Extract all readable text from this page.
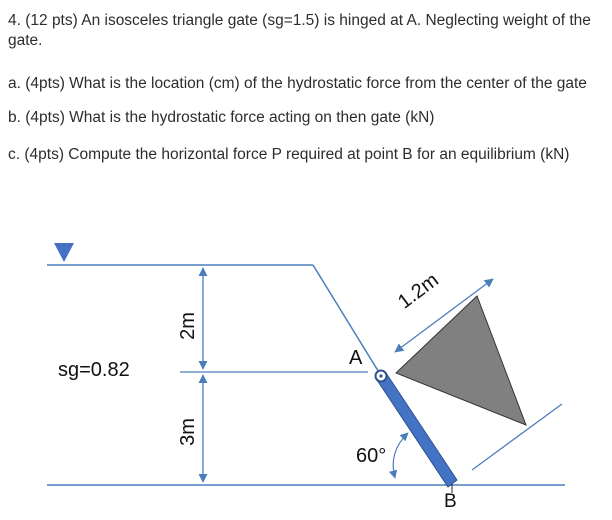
4. (12 pts) An isosceles triangle gate (sg=1.5) is hinged at A. Neglecting weight of the gate.
a. (4pts) What is the location (cm) of the hydrostatic force from the center of the gate
b. (4pts) What is the hydrostatic force acting on then gate (kN)
c. (4pts) Compute the horizontal force P required at point B for an equilibrium (kN)
2m
3m
sg=0.82
A
B
1.2m
60°
